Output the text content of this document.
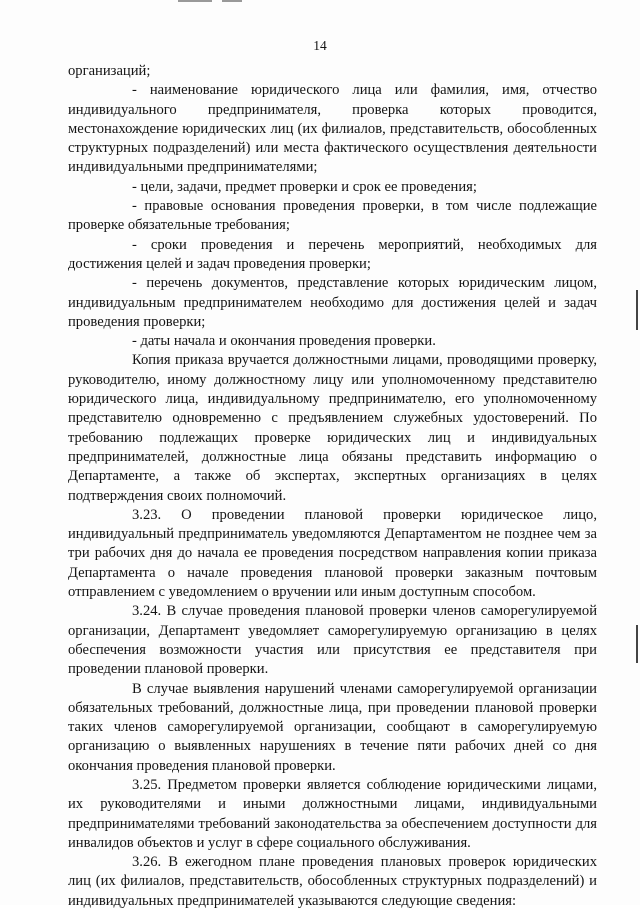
14

организаций;

- наименование юридического лица или фамилия, имя, отчество индивидуального предпринимателя, проверка которых проводится, местонахождение юридических лиц (их филиалов, представительств, обособленных структурных подразделений) или места фактического осуществления деятельности индивидуальными предпринимателями;

- цели, задачи, предмет проверки и срок ее проведения;

- правовые основания проведения проверки, в том числе подлежащие проверке обязательные требования;

- сроки проведения и перечень мероприятий, необходимых для достижения целей и задач проведения проверки;

- перечень документов, представление которых юридическим лицом, индивидуальным предпринимателем необходимо для достижения целей и задач проведения проверки;

- даты начала и окончания проведения проверки.

Копия приказа вручается должностными лицами, проводящими проверку, руководителю, иному должностному лицу или уполномоченному представителю юридического лица, индивидуальному предпринимателю, его уполномоченному представителю одновременно с предъявлением служебных удостоверений. По требованию подлежащих проверке юридических лиц и индивидуальных предпринимателей, должностные лица обязаны представить информацию о Департаменте, а также об экспертах, экспертных организациях в целях подтверждения своих полномочий.

3.23. О проведении плановой проверки юридическое лицо, индивидуальный предприниматель уведомляются Департаментом не позднее чем за три рабочих дня до начала ее проведения посредством направления копии приказа Департамента о начале проведения плановой проверки заказным почтовым отправлением с уведомлением о вручении или иным доступным способом.

3.24. В случае проведения плановой проверки членов саморегулируемой организации, Департамент уведомляет саморегулируемую организацию в целях обеспечения возможности участия или присутствия ее представителя при проведении плановой проверки.

В случае выявления нарушений членами саморегулируемой организации обязательных требований, должностные лица, при проведении плановой проверки таких членов саморегулируемой организации, сообщают в саморегулируемую организацию о выявленных нарушениях в течение пяти рабочих дней со дня окончания проведения плановой проверки.

3.25. Предметом проверки является соблюдение юридическими лицами, их руководителями и иными должностными лицами, индивидуальными предпринимателями требований законодательства за обеспечением доступности для инвалидов объектов и услуг в сфере социального обслуживания.

3.26. В ежегодном плане проведения плановых проверок юридических лиц (их филиалов, представительств, обособленных структурных подразделений) и индивидуальных предпринимателей указываются следующие сведения:
